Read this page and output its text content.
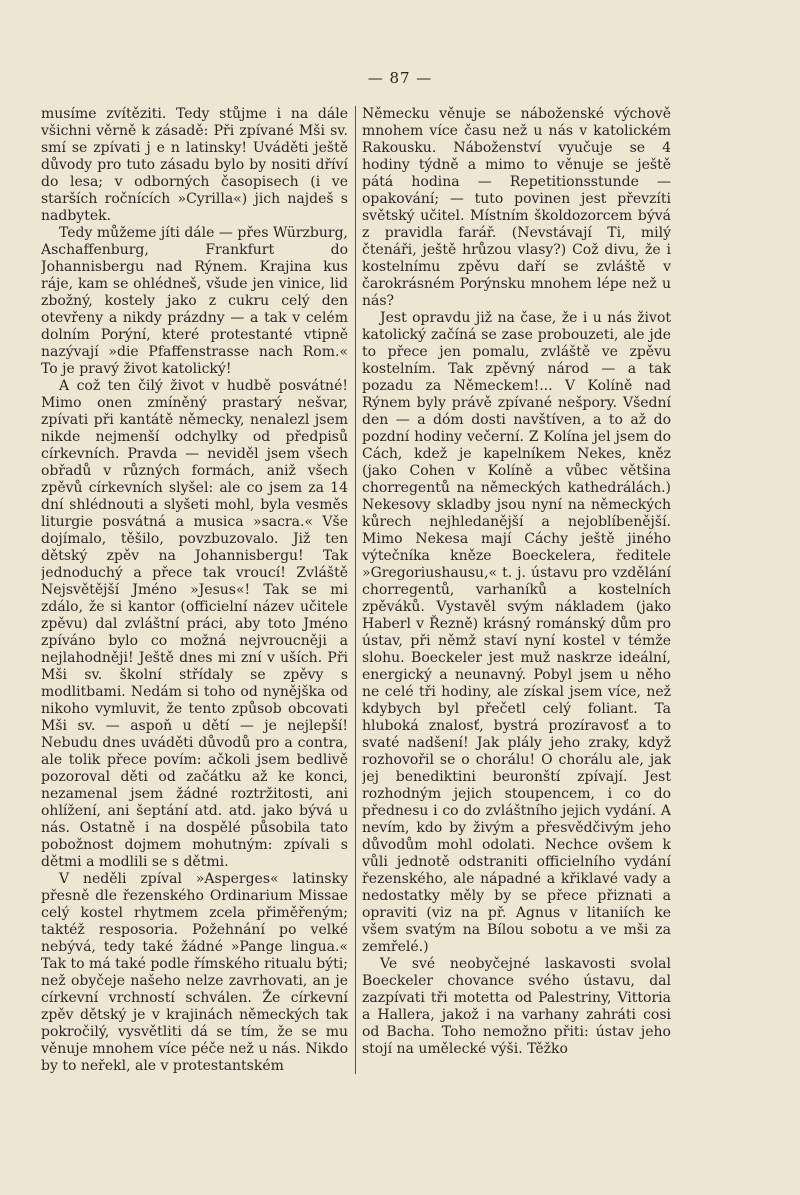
— 87 —

musíme zvítěziti. Tedy stůjme i na dále všichni věrně k zásadě: Při zpívané Mši sv. smí se zpívati j e n latinsky! Uváděti ještě důvody pro tuto zásadu bylo by nositi dříví do lesa; v odborných časopisech (i ve starších ročnících »Cyrilla«) jich najdeš s nadbytek.

Tedy můžeme jíti dále — přes Würzburg, Aschaffenburg, Frankfurt do Johannisbergu nad Rýnem. Krajina kus ráje, kam se ohlédneš, všude jen vinice, lid zbožný, kostely jako z cukru celý den otevřeny a nikdy prázdny — a tak v celém dolním Porýní, které protestanté vtipně nazývají »die Pfaffenstrasse nach Rom.« To je pravý život katolický!

A což ten čilý život v hudbě posvátné! Mimo onen zmíněný prastarý nešvar, zpívati při kantátě německy, nenalezl jsem nikde nejmenší odchylky od předpisů církevních. Pravda — neviděl jsem všech obřadů v různých formách, aniž všech zpěvů církevních slyšel: ale co jsem za 14 dní shlédnouti a slyšeti mohl, byla vesměs liturgie posvátná a musica »sacra.« Vše dojímalo, těšilo, povzbuzovalo. Již ten dětský zpěv na Johannisbergu! Tak jednoduchý a přece tak vroucí! Zvláště Nejsvětější Jméno »Jesus«! Tak se mi zdálo, že si kantor (officielní název učitele zpěvu) dal zvláštní práci, aby toto Jméno zpíváno bylo co možná nejvroucněji a nejlahodněji! Ještě dnes mi zní v uších. Při Mši sv. školní střídaly se zpěvy s modlitbami. Nedám si toho od nynějška od nikoho vymluvit, že tento způsob obcovati Mši sv. — aspoň u dětí — je nejlepší! Nebudu dnes uváděti důvodů pro a contra, ale tolik přece povím: ačkoli jsem bedlivě pozoroval děti od začátku až ke konci, nezamenal jsem žádné roztržitosti, ani ohlížení, ani šeptání atd. atd. jako bývá u nás. Ostatně i na dospělé působila tato pobožnost dojmem mohutným: zpívali s dětmi a modlili se s dětmi.

V neděli zpíval »Asperges« latinsky přesně dle řezenského Ordinarium Missae celý kostel rhytmem zcela přiměřeným; taktéž resposoria. Požehnání po velké nebývá, tedy také žádné »Pange lingua.« Tak to má také podle římského ritualu býti; než obyčeje našeho nelze zavrhovati, an je církevní vrchností schválen. Že církevní zpěv dětský je v krajinách německých tak pokročilý, vysvětliti dá se tím, že se mu věnuje mnohem více péče než u nás. Nikdo by to neřekl, ale v protestantském

Německu věnuje se náboženské výchově mnohem více času než u nás v katolickém Rakousku. Náboženství vyučuje se 4 hodiny týdně a mimo to věnuje se ještě pátá hodina — Repetitionsstunde — opakování; — tuto povinen jest převzíti světský učitel. Místním školdozorcem bývá z pravidla farář. (Nevstávají Ti, milý čtenáři, ještě hrůzou vlasy?) Což divu, že i kostelnímu zpěvu daří se zvláště v čarokrásném Porýnsku mnohem lépe než u nás?

Jest opravdu již na čase, že i u nás život katolický začíná se zase probouzeti, ale jde to přece jen pomalu, zvláště ve zpěvu kostelním. Tak zpěvný národ — a tak pozadu za Německem!... V Kolíně nad Rýnem byly právě zpívané nešpory. Všední den — a dóm dosti navštíven, a to až do pozdní hodiny večerní. Z Kolína jel jsem do Cách, kdež je kapelníkem Nekes, kněz (jako Cohen v Kolíně a vůbec většina chorregentů na německých kathedrálách.) Nekesovy skladby jsou nyní na německých kůrech nejhledanější a nejoblíbenější. Mimo Nekesa mají Cáchy ještě jiného výtečníka kněze Boeckelera, ředitele »Gregoriushausu,« t. j. ústavu pro vzdělání chorregentů, varhaníků a kostelních zpěváků. Vystavěl svým nákladem (jako Haberl v Řezně) krásný románský dům pro ústav, při němž staví nyní kostel v témže slohu. Boeckeler jest muž naskrze ideální, energický a neunavný. Pobyl jsem u něho ne celé tři hodiny, ale získal jsem více, než kdybych byl přečetl celý foliant. Ta hluboká znalosť, bystrá prozíravosť a to svaté nadšení! Jak plály jeho zraky, když rozhovořil se o chorálu! O chorálu ale, jak jej benediktini beuronští zpívají. Jest rozhodným jejich stoupencem, i co do přednesu i co do zvláštního jejich vydání. A nevím, kdo by živým a přesvědčivým jeho důvodům mohl odolati. Nechce ovšem k vůli jednotě odstraniti officielního vydání řezenského, ale nápadné a křiklavé vady a nedostatky měly by se přece přiznati a opraviti (viz na př. Agnus v litaniích ke všem svatým na Bílou sobotu a ve mši za zemřelé.)

Ve své neobyčejné laskavosti svolal Boeckeler chovance svého ústavu, dal zazpívati tři motetta od Palestriny, Vittoria a Hallera, jakož i na varhany zahráti cosi od Bacha. Toho nemožno přiti: ústav jeho stojí na umělecké výši. Těžko
